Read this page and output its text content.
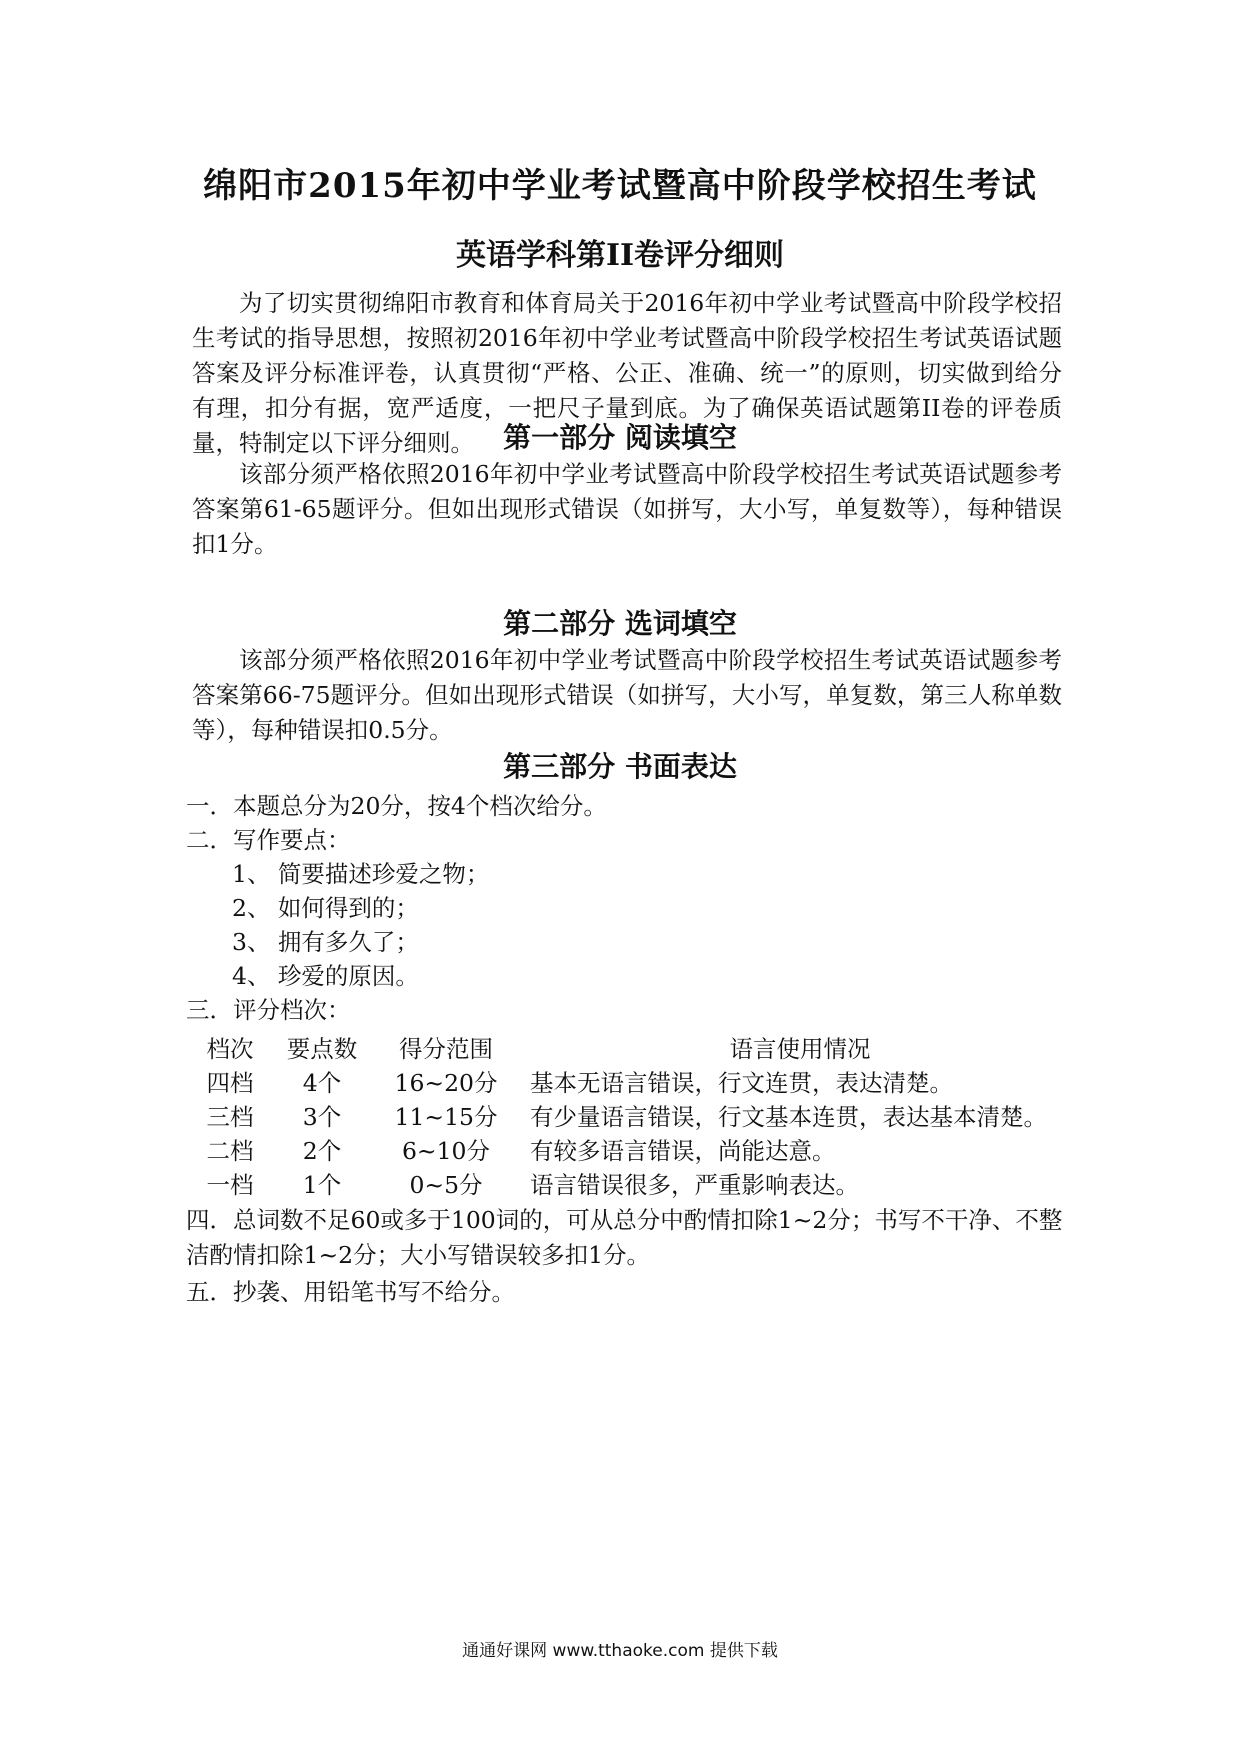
绵阳市2015年初中学业考试暨高中阶段学校招生考试
英语学科第II卷评分细则

为了切实贯彻绵阳市教育和体育局关于2016年初中学业考试暨高中阶段学校招生考试的指导思想，按照初2016年初中学业考试暨高中阶段学校招生考试英语试题答案及评分标准评卷，认真贯彻“严格、公正、准确、统一”的原则，切实做到给分有理，扣分有据，宽严适度，一把尺子量到底。为了确保英语试题第II卷的评卷质量，特制定以下评分细则。	第一部分 阅读填空

该部分须严格依照2016年初中学业考试暨高中阶段学校招生考试英语试题参考答案第61-65题评分。但如出现形式错误（如拼写，大小写，单复数等），每种错误扣1分。

第二部分 选词填空

该部分须严格依照2016年初中学业考试暨高中阶段学校招生考试英语试题参考答案第66-75题评分。但如出现形式错误（如拼写，大小写，单复数，第三人称单数等），每种错误扣0.5分。

第三部分 书面表达
一．本题总分为20分，按4个档次给分。
二．写作要点：
1、 简要描述珍爱之物；
2、 如何得到的；
3、 拥有多久了；
4、 珍爱的原因。
三．评分档次：
档次	要点数	得分范围	语言使用情况
四档	4个	16~20分	基本无语言错误，行文连贯，表达清楚。
三档	3个	11~15分	有少量语言错误，行文基本连贯，表达基本清楚。
二档	2个	6~10分	有较多语言错误，尚能达意。
一档	1个	0~5分	语言错误很多，严重影响表达。

四．总词数不足60或多于100词的，可从总分中酌情扣除1~2分；书写不干净、不整洁酌情扣除1~2分；大小写错误较多扣1分。

五．抄袭、用铅笔书写不给分。

通通好课网 www.tthaoke.com 提供下载
